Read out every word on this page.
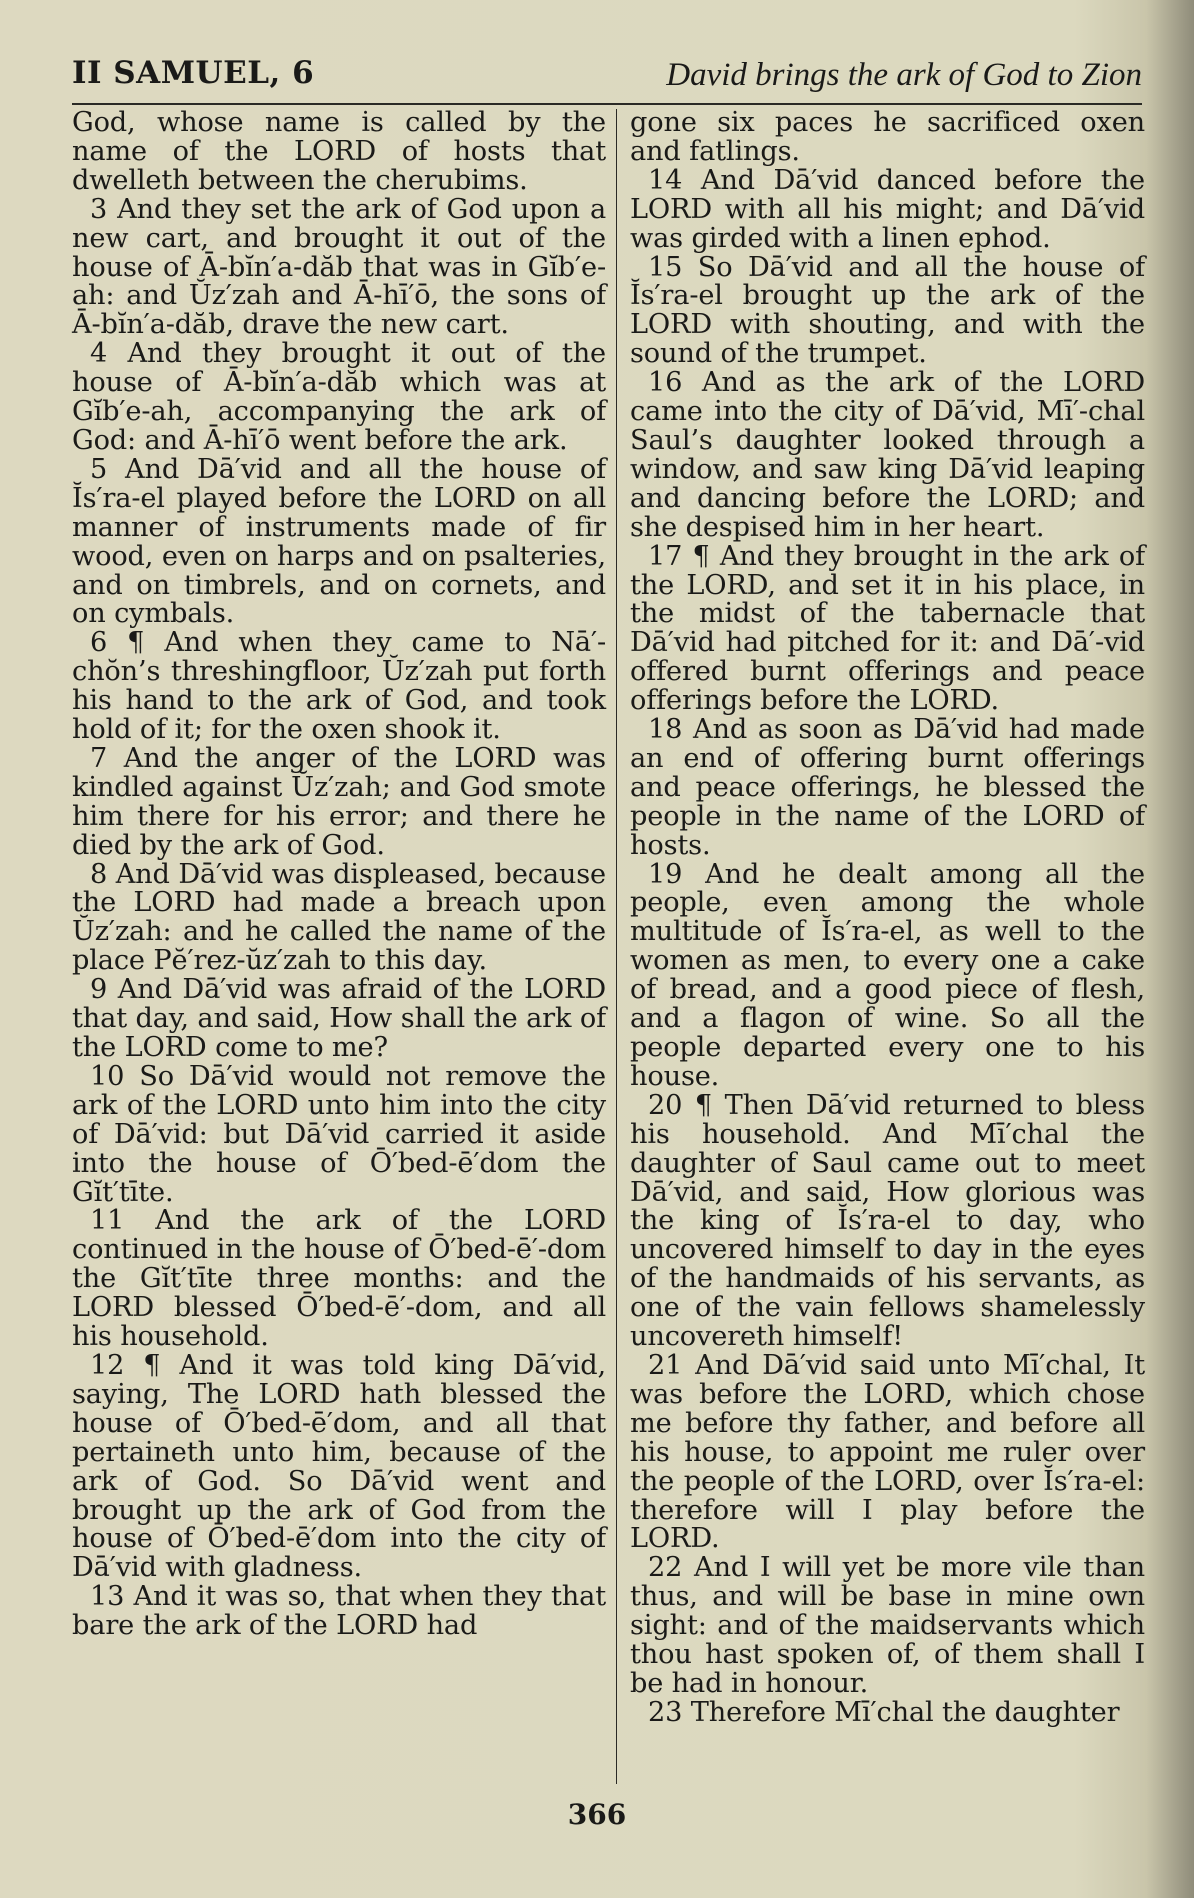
II SAMUEL, 6	David brings the ark of God to Zion

God, whose name is called by the name of the LORD of hosts that dwelleth between the cherubims.

3 And they set the ark of God upon a new cart, and brought it out of the house of Ā-bĭn′a-dăb that was in Gĭb′e-ah: and Ŭz′zah and Ā-hī′ō, the sons of Ā-bĭn′a-dăb, drave the new cart.

4 And they brought it out of the house of Ā-bĭn′a-dăb which was at Gĭb′e-ah, accompanying the ark of God: and Ā-hī′ō went before the ark.

5 And Dā′vid and all the house of Ĭs′ra-el played before the LORD on all manner of instruments made of fir wood, even on harps and on psalteries, and on timbrels, and on cornets, and on cymbals.

6 ¶ And when they came to Nā′-chŏn’s threshingfloor, Ŭz′zah put forth his hand to the ark of God, and took hold of it; for the oxen shook it.

7 And the anger of the LORD was kindled against Ŭz′zah; and God smote him there for his error; and there he died by the ark of God.

8 And Dā′vid was displeased, because the LORD had made a breach upon Ŭz′zah: and he called the name of the place Pĕ′rez-ŭz′zah to this day.

9 And Dā′vid was afraid of the LORD that day, and said, How shall the ark of the LORD come to me?

10 So Dā′vid would not remove the ark of the LORD unto him into the city of Dā′vid: but Dā′vid carried it aside into the house of Ō′bed-ē′dom the Gĭt′tīte.

11 And the ark of the LORD continued in the house of Ō′bed-ē′-dom the Gĭt′tīte three months: and the LORD blessed Ō′bed-ē′-dom, and all his household.

12 ¶ And it was told king Dā′vid, saying, The LORD hath blessed the house of Ō′bed-ē′dom, and all that pertaineth unto him, because of the ark of God. So Dā′vid went and brought up the ark of God from the house of Ō′bed-ē′dom into the city of Dā′vid with gladness.

13 And it was so, that when they that bare the ark of the LORD had

gone six paces he sacrificed oxen and fatlings.

14 And Dā′vid danced before the LORD with all his might; and Dā′vid was girded with a linen ephod.

15 So Dā′vid and all the house of Ĭs′ra-el brought up the ark of the LORD with shouting, and with the sound of the trumpet.

16 And as the ark of the LORD came into the city of Dā′vid, Mī′-chal Saul’s daughter looked through a window, and saw king Dā′vid leaping and dancing before the LORD; and she despised him in her heart.

17 ¶ And they brought in the ark of the LORD, and set it in his place, in the midst of the tabernacle that Dā′vid had pitched for it: and Dā′-vid offered burnt offerings and peace offerings before the LORD.

18 And as soon as Dā′vid had made an end of offering burnt offerings and peace offerings, he blessed the people in the name of the LORD of hosts.

19 And he dealt among all the people, even among the whole multitude of Ĭs′ra-el, as well to the women as men, to every one a cake of bread, and a good piece of flesh, and a flagon of wine. So all the people departed every one to his house.

20 ¶ Then Dā′vid returned to bless his household. And Mī′chal the daughter of Saul came out to meet Dā′vid, and said, How glorious was the king of Ĭs′ra-el to day, who uncovered himself to day in the eyes of the handmaids of his servants, as one of the vain fellows shamelessly uncovereth himself!

21 And Dā′vid said unto Mī′chal, It was before the LORD, which chose me before thy father, and before all his house, to appoint me ruler over the people of the LORD, over Ĭs′ra-el: therefore will I play before the LORD.

22 And I will yet be more vile than thus, and will be base in mine own sight: and of the maidservants which thou hast spoken of, of them shall I be had in honour.

23 Therefore Mī′chal the daughter

366
